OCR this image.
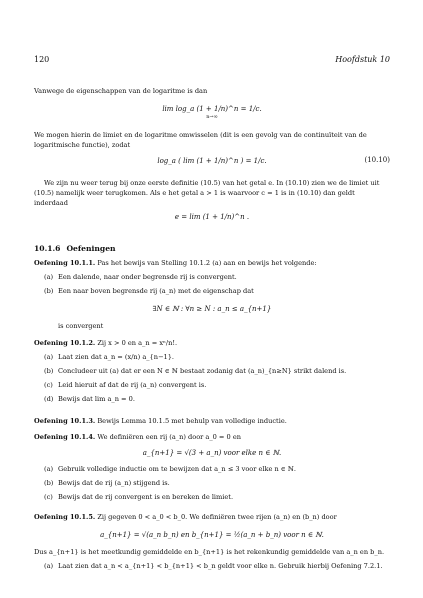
120	Hoofdstuk 10
Vanwege de eigenschappen van de logaritme is dan
lim log_a (1 + 1/n)^n = 1/c.
n→∞
We mogen hierin de limiet en de logaritme omwisselen (dit is een gevolg van de continuïteit van de logaritmische functie), zodat
log_a ( lim (1 + 1/n)^n ) = 1/c.	(10.10)
We zijn nu weer terug bij onze eerste definitie (10.5) van het getal e. In (10.10) zien we de limiet uit (10.5) namelijk weer terugkomen. Als e het getal a > 1 is waarvoor c = 1 is in (10.10) dan geldt inderdaad
e = lim (1 + 1/n)^n .
10.1.6 Oefeningen
Oefening 10.1.1. Pas het bewijs van Stelling 10.1.2 (a) aan en bewijs het volgende:
(a) Een dalende, naar onder begrensde rij is convergent.
(b) Een naar boven begrensde rij (a_n) met de eigenschap dat
∃N ∈ ℕ : ∀n ≥ N : a_n ≤ a_{n+1}
is convergent
Oefening 10.1.2. Zij x > 0 en a_n = xⁿ/n!.
(a) Laat zien dat a_n = (x/n) a_{n−1}.
(b) Concludeer uit (a) dat er een N ∈ ℕ bestaat zodanig dat (a_n)_{n≥N} strikt dalend is.
(c) Leid hieruit af dat de rij (a_n) convergent is.
(d) Bewijs dat lim a_n = 0.
Oefening 10.1.3. Bewijs Lemma 10.1.5 met behulp van volledige inductie.
Oefening 10.1.4. We definiëren een rij (a_n) door a_0 = 0 en
a_{n+1} = √(3 + a_n) voor elke n ∈ ℕ.
(a) Gebruik volledige inductie om te bewijzen dat a_n ≤ 3 voor elke n ∈ ℕ.
(b) Bewijs dat de rij (a_n) stijgend is.
(c) Bewijs dat de rij convergent is en bereken de limiet.
Oefening 10.1.5. Zij gegeven 0 < a_0 < b_0. We definiëren twee rijen (a_n) en (b_n) door
a_{n+1} = √(a_n b_n) en b_{n+1} = ½(a_n + b_n) voor n ∈ ℕ.
Dus a_{n+1} is het meetkundig gemiddelde en b_{n+1} is het rekenkundig gemiddelde van a_n en b_n.
(a) Laat zien dat a_n < a_{n+1} < b_{n+1} < b_n geldt voor elke n. Gebruik hierbij Oefening 7.2.1.
